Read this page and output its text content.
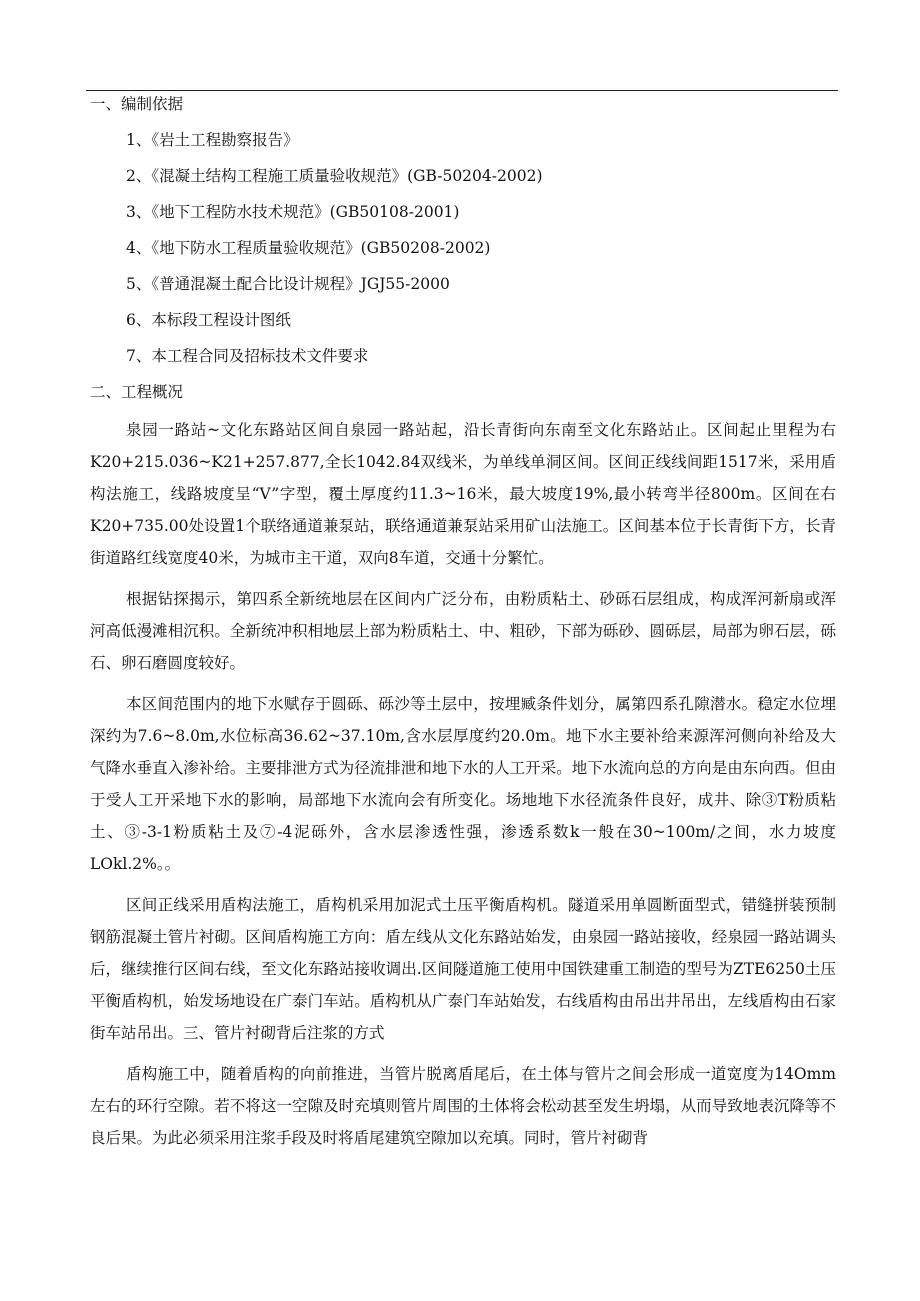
一、编制依据
1、《岩土工程勘察报告》
2、《混凝土结构工程施工质量验收规范》(GB-50204-2002)
3、《地下工程防水技术规范》(GB50108-2001)
4、《地下防水工程质量验收规范》(GB50208-2002)
5、《普通混凝土配合比设计规程》JGJ55-2000
6、本标段工程设计图纸
7、本工程合同及招标技术文件要求
二、工程概况

泉园一路站~文化东路站区间自泉园一路站起，沿长青街向东南至文化东路站止。区间起止里程为右K20+215.036~K21+257.877,全长1042.84双线米，为单线单洞区间。区间正线线间距1517米，采用盾构法施工，线路坡度呈“V”字型，覆土厚度约11.3~16米，最大坡度19%,最小转弯半径800m。区间在右K20+735.00处设置1个联络通道兼泵站，联络通道兼泵站采用矿山法施工。区间基本位于长青街下方，长青街道路红线宽度40米，为城市主干道，双向8车道，交通十分繁忙。

根据钻探揭示，第四系全新统地层在区间内广泛分布，由粉质粘土、砂砾石层组成，构成浑河新扇或浑河高低漫滩相沉积。全新统冲积相地层上部为粉质粘土、中、粗砂，下部为砾砂、圆砾层，局部为卵石层，砾石、卵石磨圆度较好。

本区间范围内的地下水赋存于圆砾、砾沙等土层中，按埋臧条件划分，属第四系孔隙潜水。稳定水位埋深约为7.6~8.0m,水位标高36.62~37.10m,含水层厚度约20.0m。地下水主要补给来源浑河侧向补给及大气降水垂直入渗补给。主要排泄方式为径流排泄和地下水的人工开采。地下水流向总的方向是由东向西。但由于受人工开采地下水的影响，局部地下水流向会有所变化。场地地下水径流条件良好，成井、除③T粉质粘土、③-3-1粉质粘土及⑦-4泥砾外，含水层渗透性强，渗透系数k一般在30~100m/之间，水力坡度LOkl.2%。。

区间正线采用盾构法施工，盾构机采用加泥式土压平衡盾构机。隧道采用单圆断面型式，错缝拼装预制钢筋混凝土管片衬砌。区间盾构施工方向：盾左线从文化东路站始发，由泉园一路站接收，经泉园一路站调头后，继续推行区间右线，至文化东路站接收调出.区间隧道施工使用中国铁建重工制造的型号为ZTE6250土压平衡盾构机，始发场地设在广泰门车站。盾构机从广泰门车站始发，右线盾构由吊出井吊出，左线盾构由石家街车站吊出。三、管片衬砌背后注浆的方式

盾构施工中，随着盾构的向前推进，当管片脱离盾尾后，在土体与管片之间会形成一道宽度为14Omm左右的环行空隙。若不将这一空隙及时充填则管片周围的土体将会松动甚至发生坍塌，从而导致地表沉降等不良后果。为此必须采用注浆手段及时将盾尾建筑空隙加以充填。同时，管片衬砌背
